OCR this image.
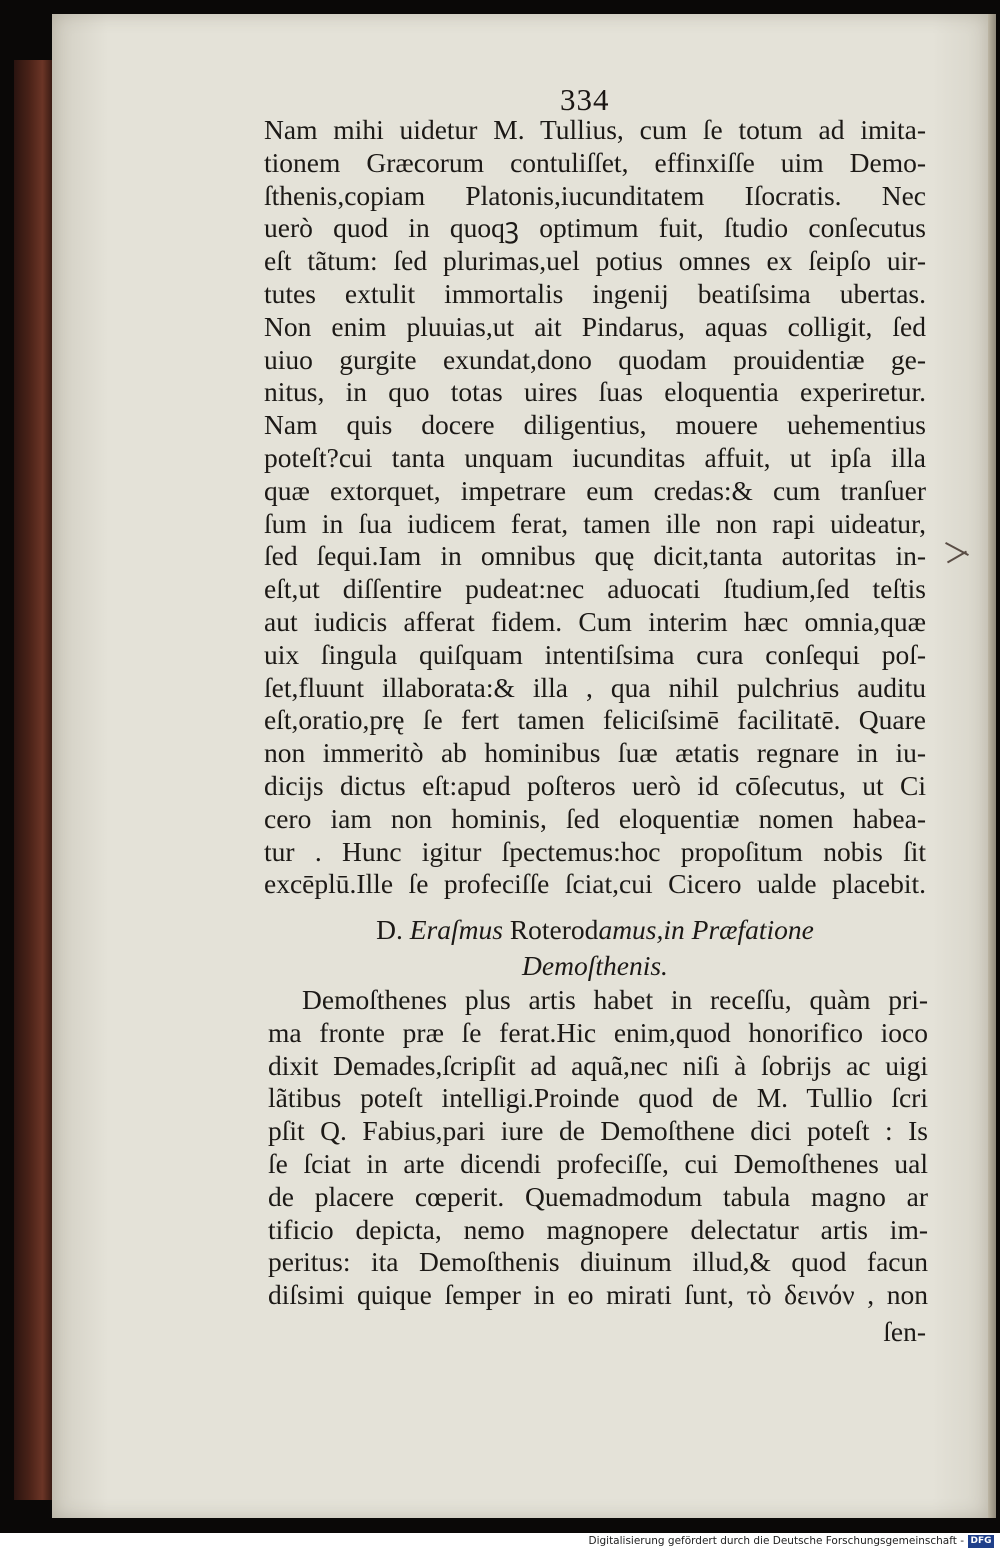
334
Nam mihi uidetur M. Tullius, cum ſe totum ad imita-
tionem Græcorum contuliſſet, effinxiſſe uim Demo-
ſthenis,copiam Platonis,iucunditatem Iſocratis. Nec
uerò quod in quoqꝫ optimum fuit, ſtudio conſecutus
eſt tãtum: ſed plurimas,uel potius omnes ex ſeipſo uir-
tutes extulit immortalis ingenij beatiſsima ubertas.
Non enim pluuias,ut ait Pindarus, aquas colligit, ſed
uiuo gurgite exundat,dono quodam prouidentiæ ge-
nitus, in quo totas uires ſuas eloquentia experiretur.
Nam quis docere diligentius, mouere uehementius
poteſt?cui tanta unquam iucunditas affuit, ut ipſa illa
quæ extorquet, impetrare eum credas:& cum tranſuer
ſum in ſua iudicem ferat, tamen ille non rapi uideatur,
ſed ſequi.Iam in omnibus quę dicit,tanta autoritas in-
eſt,ut diſſentire pudeat:nec aduocati ſtudium,ſed teſtis
aut iudicis afferat fidem. Cum interim hæc omnia,quæ
uix ſingula quiſquam intentiſsima cura conſequi poſ-
ſet,fluunt illaborata:& illa , qua nihil pulchrius auditu
eſt,oratio,prę ſe fert tamen feliciſsimē facilitatē. Quare
non immeritò ab hominibus ſuæ ætatis regnare in iu-
dicijs dictus eſt:apud poſteros uerò id cōſecutus, ut Ci
cero iam non hominis, ſed eloquentiæ nomen habea-
tur . Hunc igitur ſpectemus:hoc propoſitum nobis ſit
excēplū.Ille ſe profeciſſe ſciat,cui Cicero ualde placebit.
D. Eraſmus Roterodamus,in Præfatione
Demoſthenis.
Demoſthenes plus artis habet in receſſu, quàm pri-
ma fronte præ ſe ferat.Hic enim,quod honorifico ioco
dixit Demades,ſcripſit ad aquã,nec niſi à ſobrijs ac uigi
lãtibus poteſt intelligi.Proinde quod de M. Tullio ſcri
pſit Q. Fabius,pari iure de Demoſthene dici poteſt : Is
ſe ſciat in arte dicendi profeciſſe, cui Demoſthenes ual
de placere cœperit. Quemadmodum tabula magno ar
tificio depicta, nemo magnopere delectatur artis im-
peritus: ita Demoſthenis diuinum illud,& quod facun
diſsimi quique ſemper in eo mirati ſunt, τὸ δεινόν , non
ſen-
Digitalisierung gefördert durch die Deutsche Forschungsgemeinschaft - DFG
